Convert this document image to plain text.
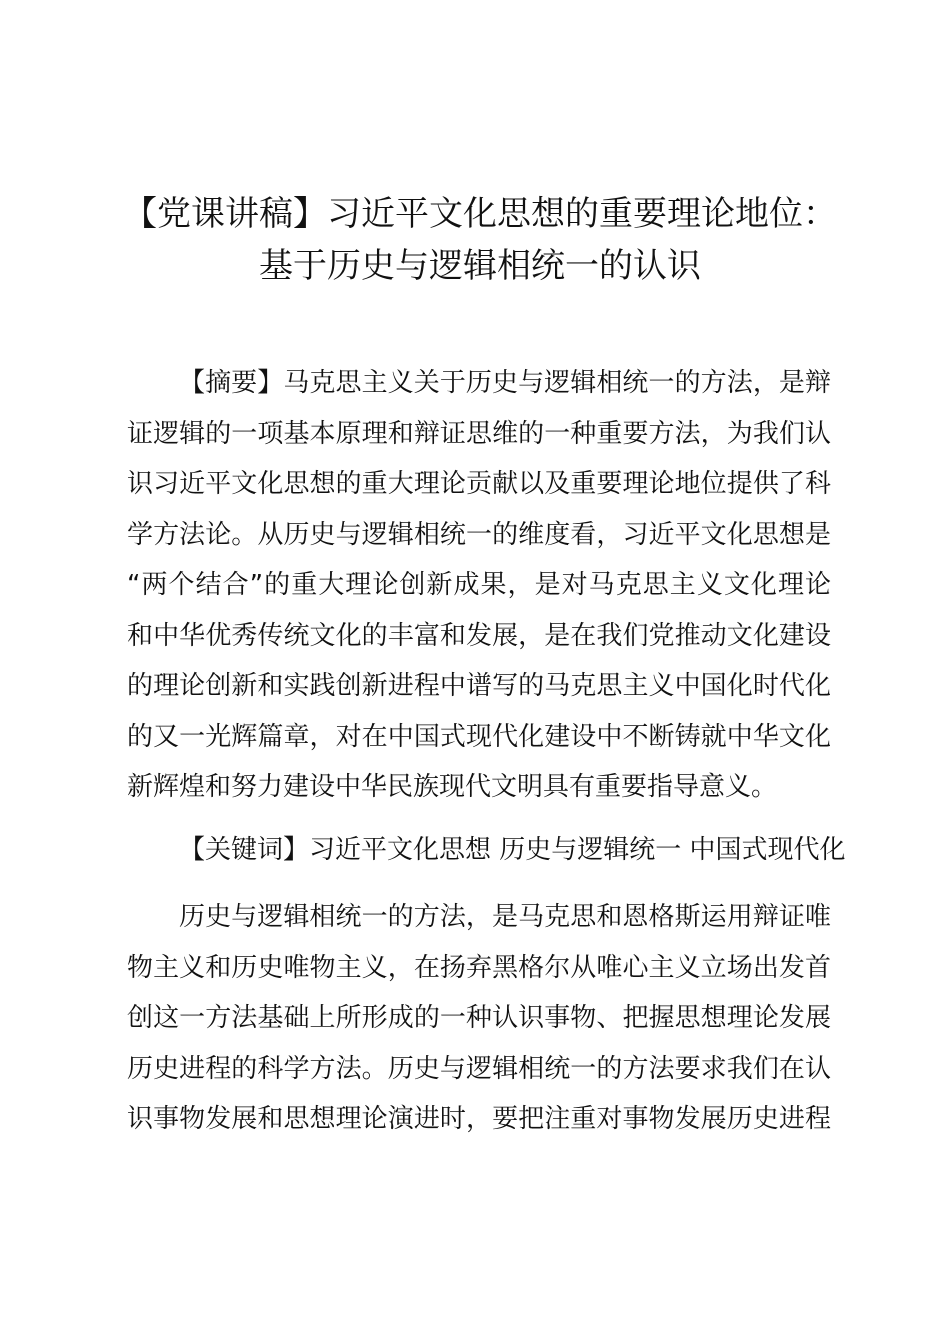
【党课讲稿】习近平文化思想的重要理论地位：
基于历史与逻辑相统一的认识
【摘要】马克思主义关于历史与逻辑相统一的方法，是辩
证逻辑的一项基本原理和辩证思维的一种重要方法，为我们认
识习近平文化思想的重大理论贡献以及重要理论地位提供了科
学方法论。从历史与逻辑相统一的维度看，习近平文化思想是
“两个结合”的重大理论创新成果，是对马克思主义文化理论
和中华优秀传统文化的丰富和发展，是在我们党推动文化建设
的理论创新和实践创新进程中谱写的马克思主义中国化时代化
的又一光辉篇章，对在中国式现代化建设中不断铸就中华文化
新辉煌和努力建设中华民族现代文明具有重要指导意义。
【关键词】习近平文化思想 历史与逻辑统一 中国式现代化
历史与逻辑相统一的方法，是马克思和恩格斯运用辩证唯
物主义和历史唯物主义，在扬弃黑格尔从唯心主义立场出发首
创这一方法基础上所形成的一种认识事物、把握思想理论发展
历史进程的科学方法。历史与逻辑相统一的方法要求我们在认
识事物发展和思想理论演进时，要把注重对事物发展历史进程
